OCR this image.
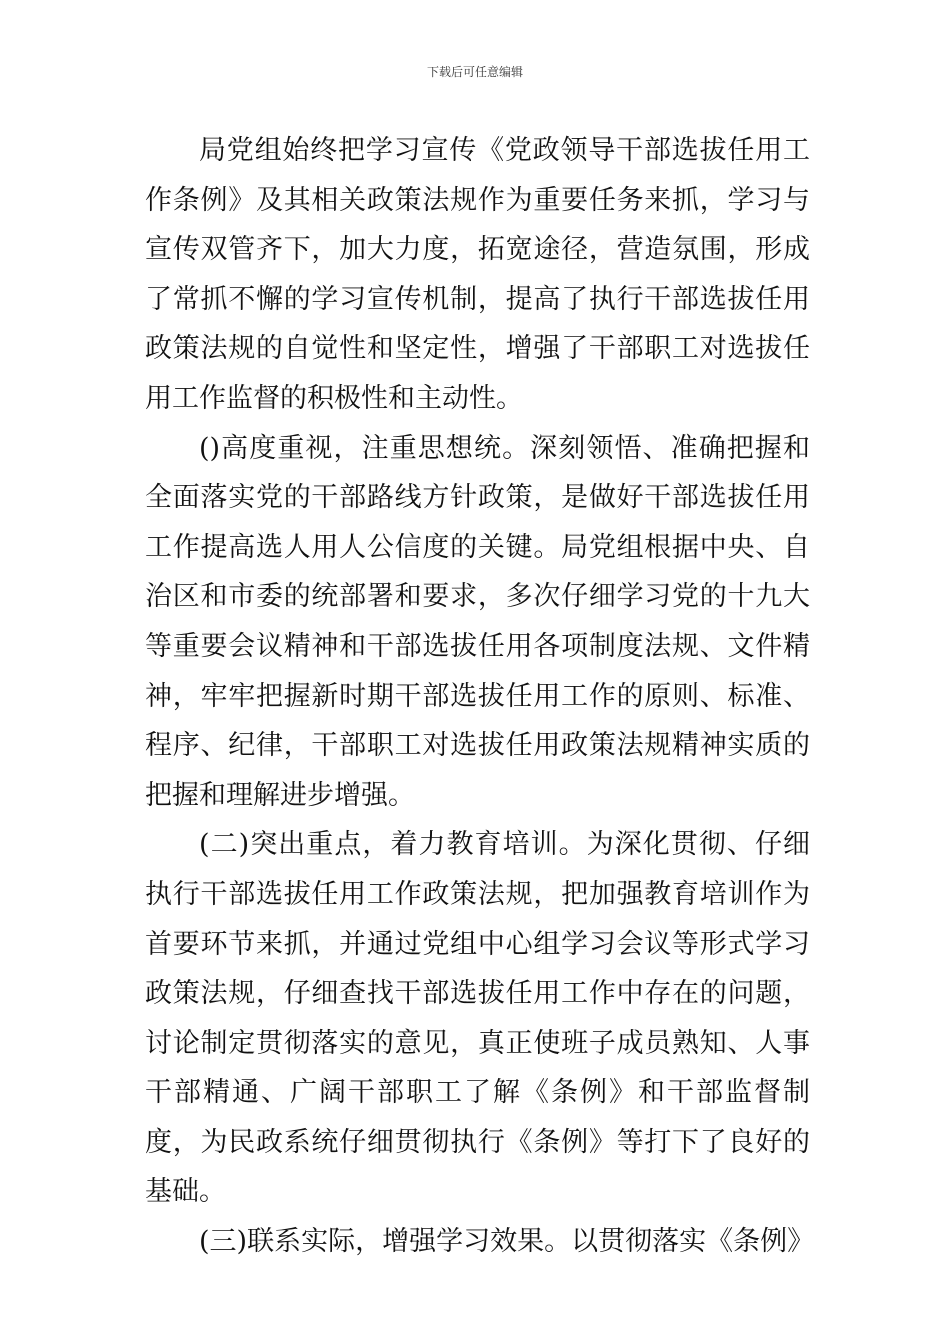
下载后可任意编辑

局党组始终把学习宣传《党政领导干部选拔任用工作条例》及其相关政策法规作为重要任务来抓，学习与宣传双管齐下，加大力度，拓宽途径，营造氛围，形成了常抓不懈的学习宣传机制，提高了执行干部选拔任用政策法规的自觉性和坚定性，增强了干部职工对选拔任用工作监督的积极性和主动性。

()高度重视，注重思想统。深刻领悟、准确把握和全面落实党的干部路线方针政策，是做好干部选拔任用工作提高选人用人公信度的关键。局党组根据中央、自治区和市委的统部署和要求，多次仔细学习党的十九大等重要会议精神和干部选拔任用各项制度法规、文件精神，牢牢把握新时期干部选拔任用工作的原则、标准、程序、纪律，干部职工对选拔任用政策法规精神实质的把握和理解进步增强。

(二)突出重点，着力教育培训。为深化贯彻、仔细执行干部选拔任用工作政策法规，把加强教育培训作为首要环节来抓，并通过党组中心组学习会议等形式学习政策法规，仔细查找干部选拔任用工作中存在的问题，讨论制定贯彻落实的意见，真正使班子成员熟知、人事干部精通、广阔干部职工了解《条例》和干部监督制度，为民政系统仔细贯彻执行《条例》等打下了良好的基础。

(三)联系实际，增强学习效果。以贯彻落实《条例》
